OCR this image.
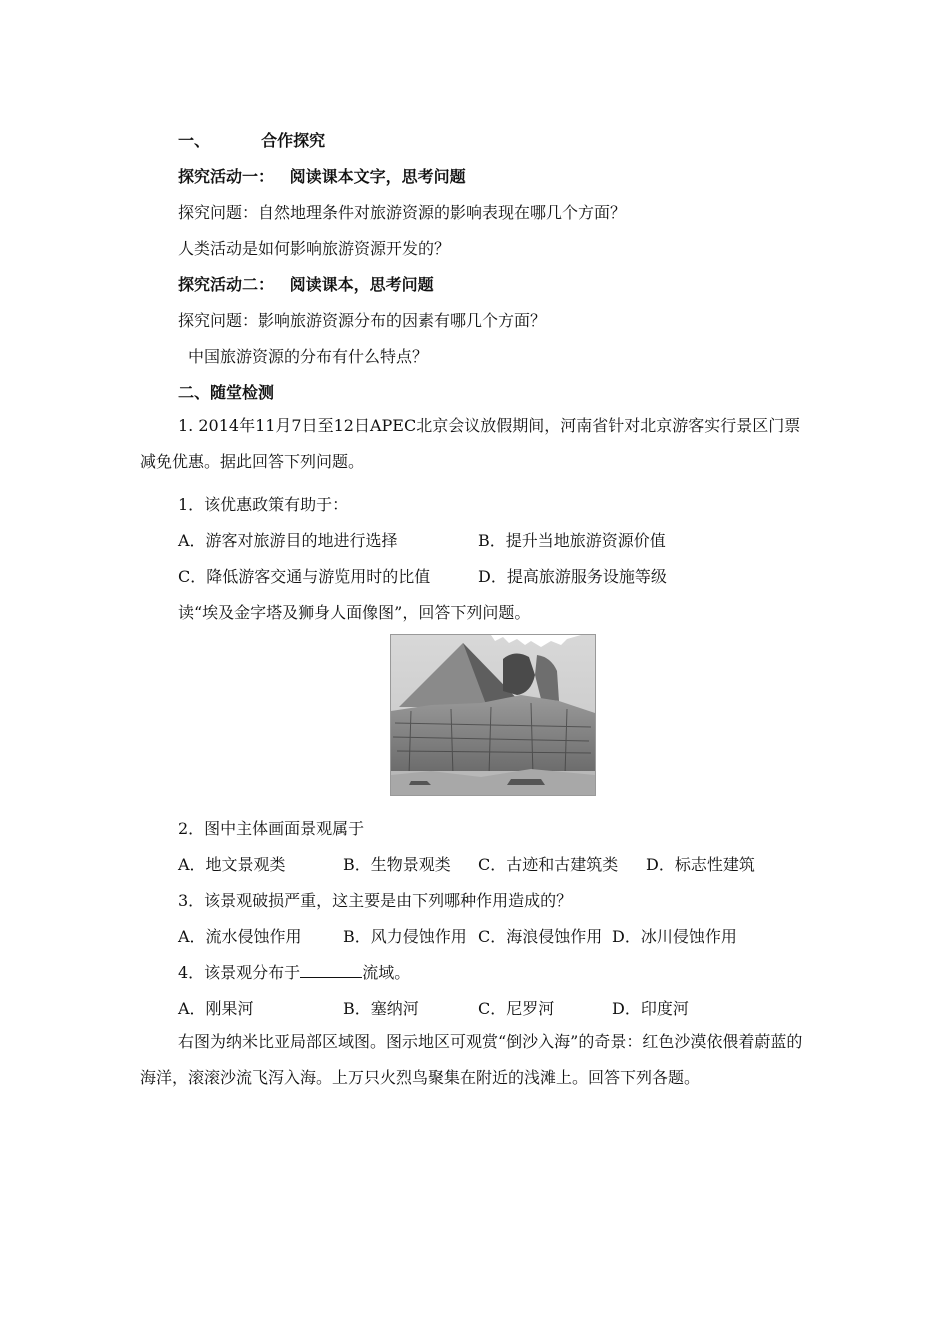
一、	合作探究
探究活动一： 阅读课本文字，思考问题
探究问题：自然地理条件对旅游资源的影响表现在哪几个方面？
人类活动是如何影响旅游资源开发的？
探究活动二： 阅读课本，思考问题
探究问题：影响旅游资源分布的因素有哪几个方面？
中国旅游资源的分布有什么特点？
二、随堂检测
1. 2014年11月7日至12日APEC北京会议放假期间，河南省针对北京游客实行景区门票减免优惠。据此回答下列问题。
1．该优惠政策有助于：
A．游客对旅游目的地进行选择	B．提升当地旅游资源价值
C．降低游客交通与游览用时的比值	D．提高旅游服务设施等级
读“埃及金字塔及狮身人面像图”，回答下列问题。
2．图中主体画面景观属于
A．地文景观类	B．生物景观类 C．古迹和古建筑类 D．标志性建筑
3．该景观破损严重，这主要是由下列哪种作用造成的？
A．流水侵蚀作用	B．风力侵蚀作用 C．海浪侵蚀作用 D．冰川侵蚀作用
4．该景观分布于	流域。
A．刚果河	B．塞纳河	C．尼罗河	D．印度河
右图为纳米比亚局部区域图。图示地区可观赏“倒沙入海”的奇景：红色沙漠依偎着蔚蓝的海洋，滚滚沙流飞泻入海。上万只火烈鸟聚集在附近的浅滩上。回答下列各题。
